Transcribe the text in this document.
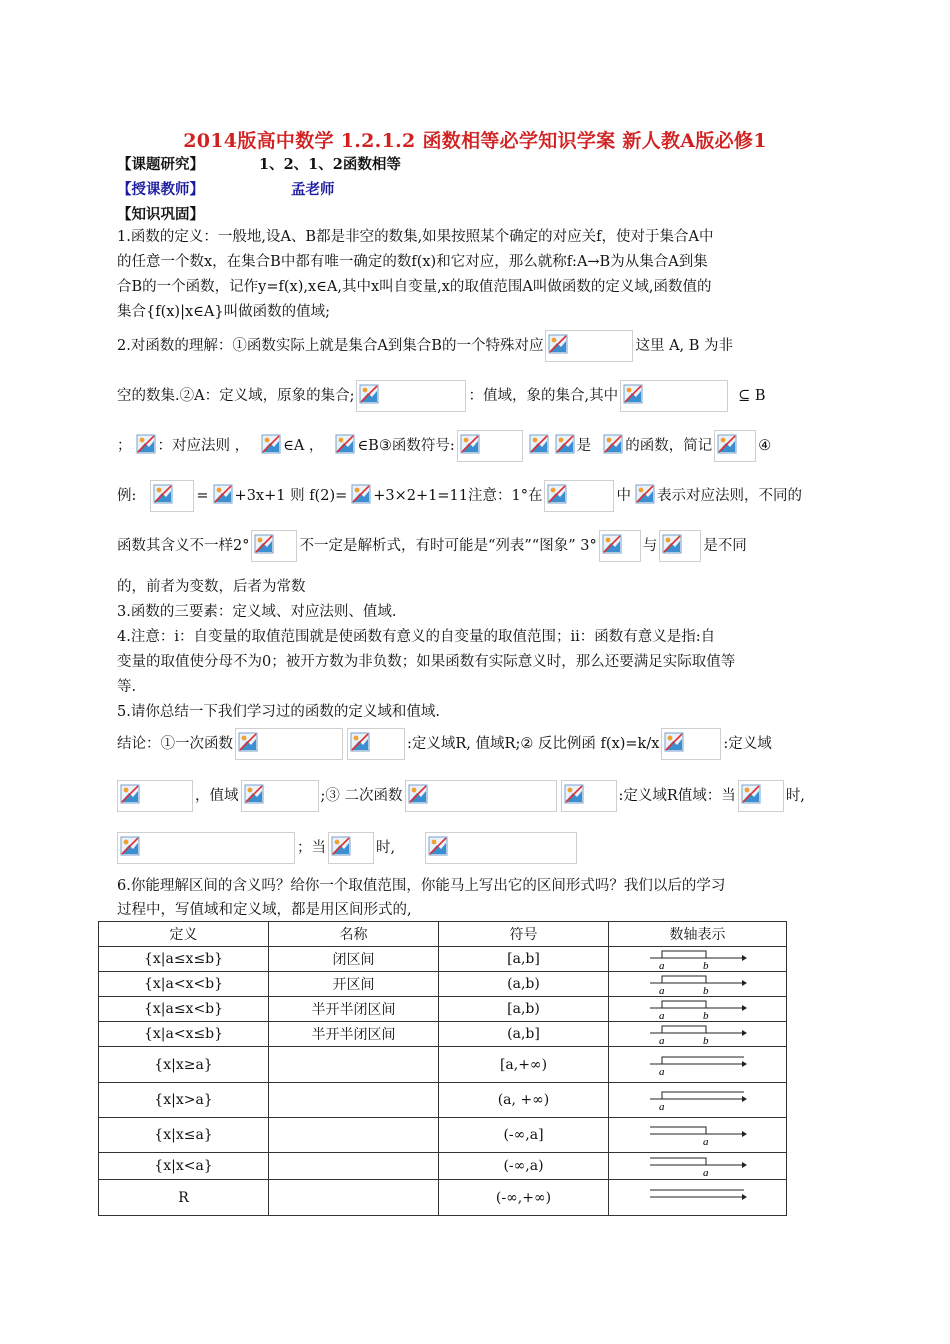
2014版高中数学 1.2.1.2 函数相等必学知识学案 新人教A版必修1
【课题研究】	1、2、1、2函数相等
【授课教师】	孟老师
【知识巩固】
1.函数的定义：一般地,设A、B都是非空的数集,如果按照某个确定的对应关f，使对于集合A中
的任意一个数x，在集合B中都有唯一确定的数f(x)和它对应，那么就称f:A→B为从集合A到集
合B的一个函数，记作y=f(x),x∈A,其中x叫自变量,x的取值范围A叫做函数的定义域,函数值的
集合{f(x)|x∈A}叫做函数的值域;
2.对函数的理解：①函数实际上就是集合A到集合B的一个特殊对应	这里 A, B 为非
空的数集.②A：定义域，原象的集合;	：值域，象的集合,其中	⊆ B
； ：对应法则 ， ∈A ， ∈B③函数符号:	是 的函数，简记	④
例:	= +3x+1 则 f(2)= +3×2+1=11注意：1°在	中 表示对应法则，不同的
函数其含义不一样2°	不一定是解析式，有时可能是“列表”“图象” 3°	与	是不同
的，前者为变数，后者为常数
3.函数的三要素：定义域、对应法则、值域.
4.注意：i：自变量的取值范围就是使函数有意义的自变量的取值范围；ii：函数有意义是指:自
变量的取值使分母不为0；被开方数为非负数；如果函数有实际意义时，那么还要满足实际取值等
等.
5.请你总结一下我们学习过的函数的定义域和值域.
结论：①一次函数	:定义域R, 值域R;② 反比例函 f(x)=k/x	:定义域
，值域	;③ 二次函数	:定义域R值域：当	时,
；当	时,
6.你能理解区间的含义吗？给你一个取值范围，你能马上写出它的区间形式吗？我们以后的学习
过程中，写值域和定义域，都是用区间形式的,
定义	名称	符号	数轴表示
{x|a≤x≤b}	闭区间	[a,b]	a b

{x|a<x<b}	开区间	(a,b)	a b

{x|a≤x<b}	半开半闭区间	[a,b)	a b

{x|a<x≤b}	半开半闭区间	(a,b]	a b

{x|x≥a}		[a,+∞)	a

{x|x>a}		(a, +∞)	a

{x|x≤a}		(-∞,a]	a

{x|x<a}		(-∞,a)	a

R		(-∞,+∞)	
